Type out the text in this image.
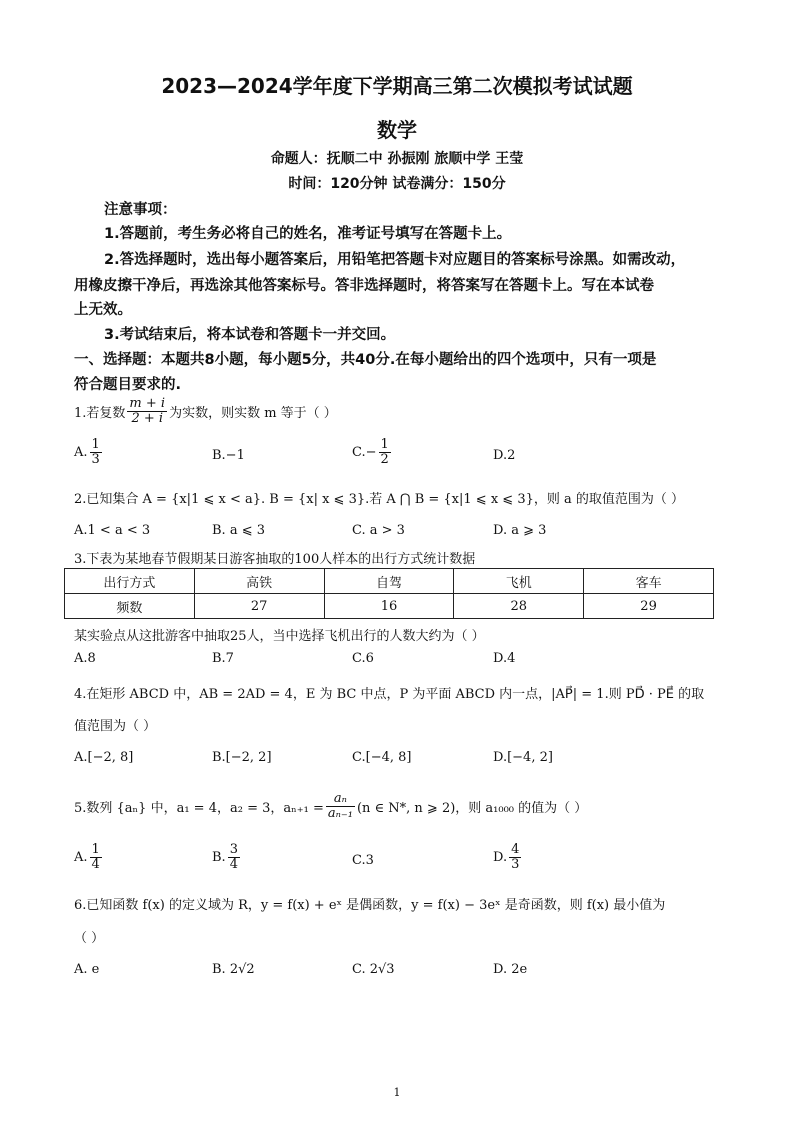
2023—2024学年度下学期高三第二次模拟考试试题
数学
命题人：抚顺二中 孙振刚 旅顺中学 王莹
时间：120分钟 试卷满分：150分
注意事项：
1.答题前，考生务必将自己的姓名，准考证号填写在答题卡上。
2.答选择题时，选出每小题答案后，用铅笔把答题卡对应题目的答案标号涂黑。如需改动，
用橡皮擦干净后，再选涂其他答案标号。答非选择题时，将答案写在答题卡上。写在本试卷
上无效。
3.考试结束后，将本试卷和答题卡一并交回。
一、选择题：本题共8小题，每小题5分，共40分.在每小题给出的四个选项中，只有一项是
符合题目要求的.
1.若复数 $\frac{m + i}{2 + i}$ 为实数，则实数 m 等于（ ）
A. $\frac{1}{3}$	B.−1	$C.- \frac{1}{2}$	D.2
2.已知集合 A = {x|1 ⩽ x < a}. B = {x| x ⩽ 3}.若 A ⋂ B = {x|1 ⩽ x ⩽ 3}，则 a 的取值范围为（ ）
A.1 < a < 3	B. a ⩽ 3	C. a > 3	D. a ⩾ 3
3.下表为某地春节假期某日游客抽取的100人样本的出行方式统计数据
出行方式	高铁	自驾	飞机	客车
频数	27	16	28	29
某实验点从这批游客中抽取25人，当中选择飞机出行的人数大约为（ ）
A.8	B.7	C.6	D.4
4.在矩形 ABCD 中，AB = 2AD = 4，E 为 BC 中点，P 为平面 ABCD 内一点，|AP⃗| = 1.则 PD⃗ · PE⃗ 的取
值范围为（ ）
A.[−2, 8]	B.[−2, 2]	C.[−4, 8]	D.[−4, 2]
5.数列 {aₙ} 中，a₁ = 4，a₂ = 3，$a_{n+1} = \frac{\text{aₙ}}{\text{aₙ₋₁}} (n$ ∈ N*, n ⩾ 2)，则 a₁₀₀₀ 的值为（ ）
A. $\frac{1}{4}$	B. $\frac{3}{4}$	C.3	D. $\frac{4}{3}$
6.已知函数 f(x) 的定义域为 R，y = f(x) + eˣ 是偶函数，y = f(x) − 3eˣ 是奇函数，则 f(x) 最小值为
（ ）
A. e	B. 2√2	C. 2√3	D. 2e
1
